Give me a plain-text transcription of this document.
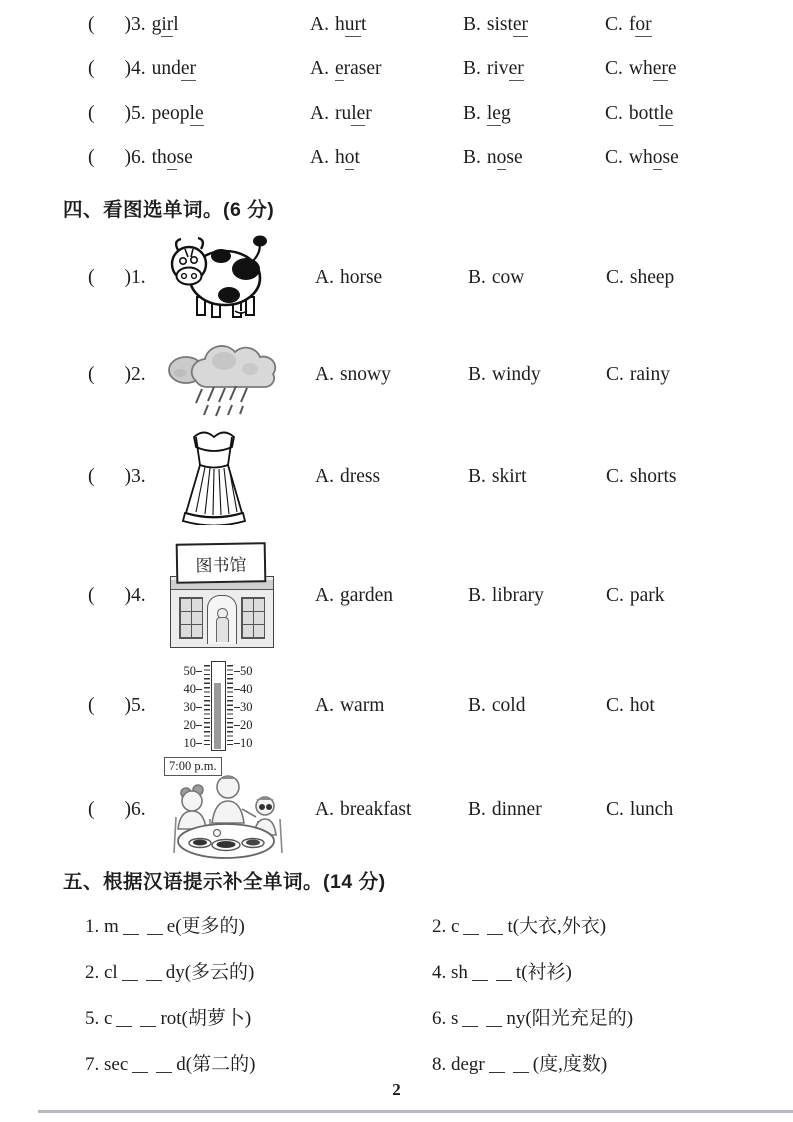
( )3. girl	A. hurt	B. sister	C. for
( )4. under	A. eraser	B. river	C. where
( )5. people	A. ruler	B. leg	C. bottle
( )6. those	A. hot	B. nose	C. whose
四、看图选单词。(6 分)
( )1.	A. horse	B. cow	C. sheep
( )2.	A. snowy	B. windy	C. rainy
( )3.	A. dress	B. skirt	C. shorts
( )4.
图书馆
A. garden	B. library	C. park
( )5.
50
40
30
20
10
50
40
30
20
10
A. warm	B. cold	C. hot
( )6.
7:00 p.m.
A. breakfast	B. dinner	C. lunch
五、根据汉语提示补全单词。(14 分)
1. m	e(更多的)	2. c	t(大衣,外衣)
2. cl	dy(多云的)	4. sh	t(衬衫)
5. c	rot(胡萝卜)	6. s	ny(阳光充足的)
7. sec	d(第二的)	8. degr	(度,度数)
2
